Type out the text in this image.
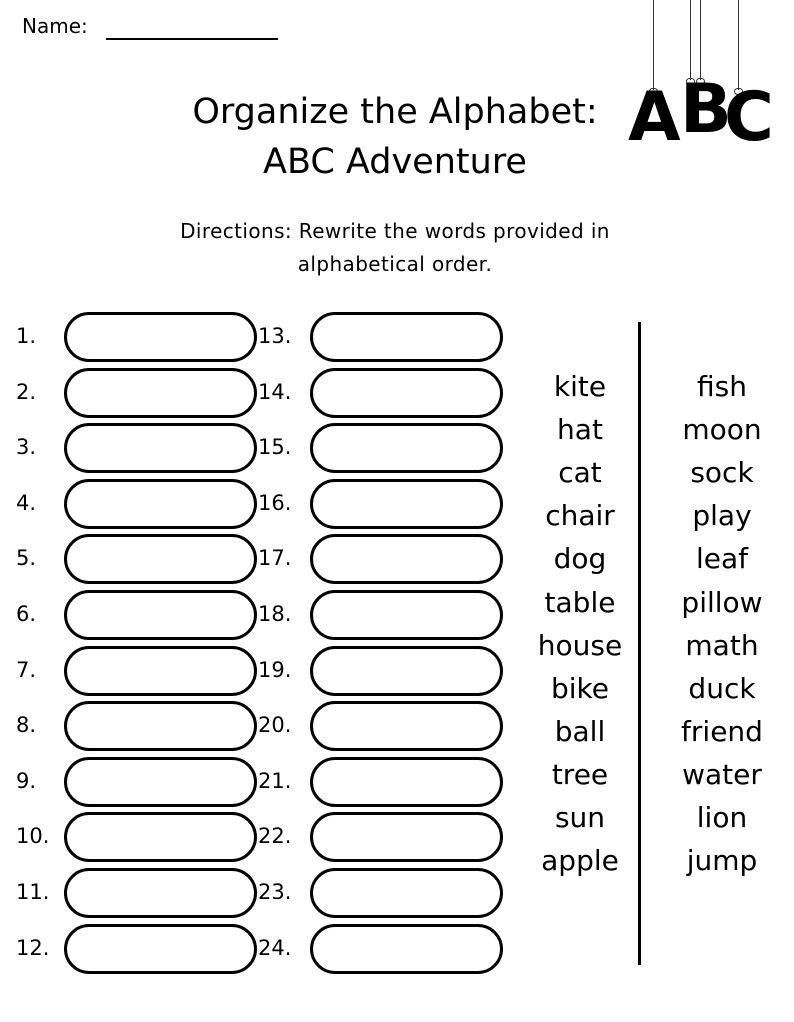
Name:
A B
C
Organize the Alphabet:
ABC Adventure
Directions: Rewrite the words provided in
alphabetical order.
1.
2.
3.
4.
5.
6.
7.
8.
9.
10.
11.
12.
13.
14.
15.
16.
17.
18.
19.
20.
21.
22.
23.
24.
kite
hat
cat
chair
dog
table
house
bike
ball
tree
sun
apple
fish
moon
sock
play
leaf
pillow
math
duck
friend
water
lion
jump
